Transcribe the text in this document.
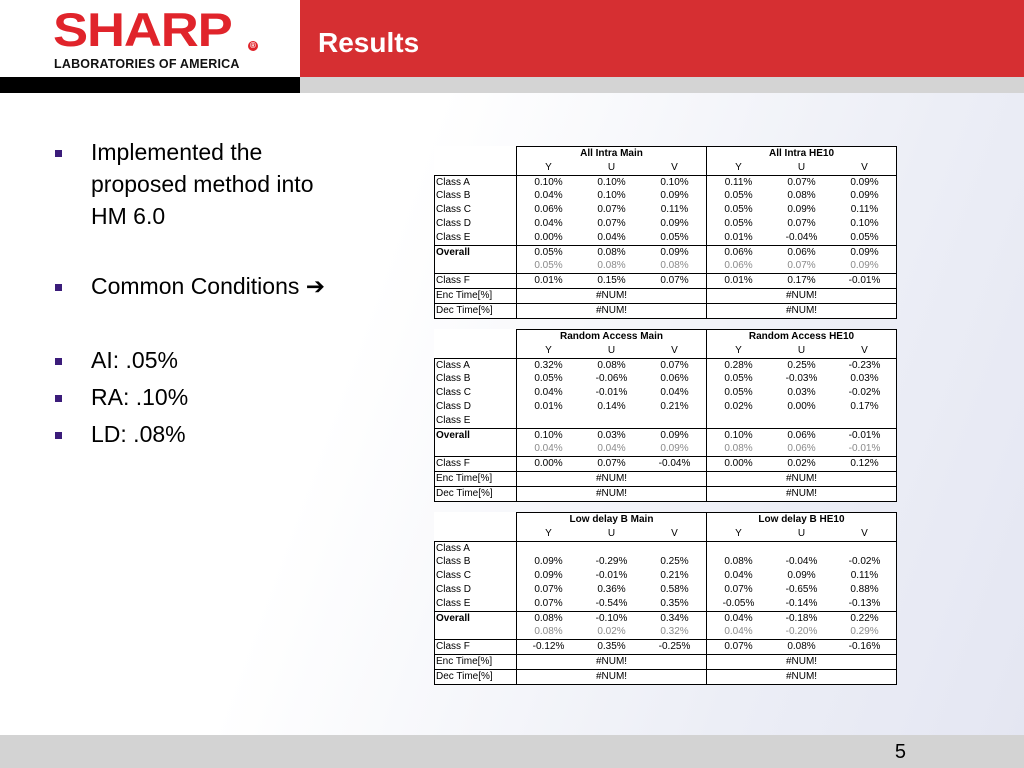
SHARP ®
LABORATORIES OF AMERICA
Results
Implemented the
proposed method into
HM 6.0
Common Conditions ➔
AI: .05%
RA: .10%
LD: .08%
	All Intra Main			All Intra HE10		
	Y	U	V	Y	U	V
Class A	0.10%	0.10%	0.10%	0.11%	0.07%	0.09%
Class B	0.04%	0.10%	0.09%	0.05%	0.08%	0.09%
Class C	0.06%	0.07%	0.11%	0.05%	0.09%	0.11%
Class D	0.04%	0.07%	0.09%	0.05%	0.07%	0.10%
Class E	0.00%	0.04%	0.05%	0.01%	-0.04%	0.05%
Overall	0.05%	0.08%	0.09%	0.06%	0.06%	0.09%
	0.05%	0.08%	0.08%	0.06%	0.07%	0.09%
Class F	0.01%	0.15%	0.07%	0.01%	0.17%	-0.01%
Enc Time[%]	#NUM!			#NUM!		
Dec Time[%]	#NUM!			#NUM!		
	Random Access Main			Random Access HE10		
	Y	U	V	Y	U	V
Class A	0.32%	0.08%	0.07%	0.28%	0.25%	-0.23%
Class B	0.05%	-0.06%	0.06%	0.05%	-0.03%	0.03%
Class C	0.04%	-0.01%	0.04%	0.05%	0.03%	-0.02%
Class D	0.01%	0.14%	0.21%	0.02%	0.00%	0.17%
Class E						
Overall	0.10%	0.03%	0.09%	0.10%	0.06%	-0.01%
	0.04%	0.04%	0.09%	0.08%	0.06%	-0.01%
Class F	0.00%	0.07%	-0.04%	0.00%	0.02%	0.12%
Enc Time[%]	#NUM!			#NUM!		
Dec Time[%]	#NUM!			#NUM!		
	Low delay B Main			Low delay B HE10		
	Y	U	V	Y	U	V
Class A						
Class B	0.09%	-0.29%	0.25%	0.08%	-0.04%	-0.02%
Class C	0.09%	-0.01%	0.21%	0.04%	0.09%	0.11%
Class D	0.07%	0.36%	0.58%	0.07%	-0.65%	0.88%
Class E	0.07%	-0.54%	0.35%	-0.05%	-0.14%	-0.13%
Overall	0.08%	-0.10%	0.34%	0.04%	-0.18%	0.22%
	0.08%	0.02%	0.32%	0.04%	-0.20%	0.29%
Class F	-0.12%	0.35%	-0.25%	0.07%	0.08%	-0.16%
Enc Time[%]	#NUM!			#NUM!		
Dec Time[%]	#NUM!			#NUM!		
5
